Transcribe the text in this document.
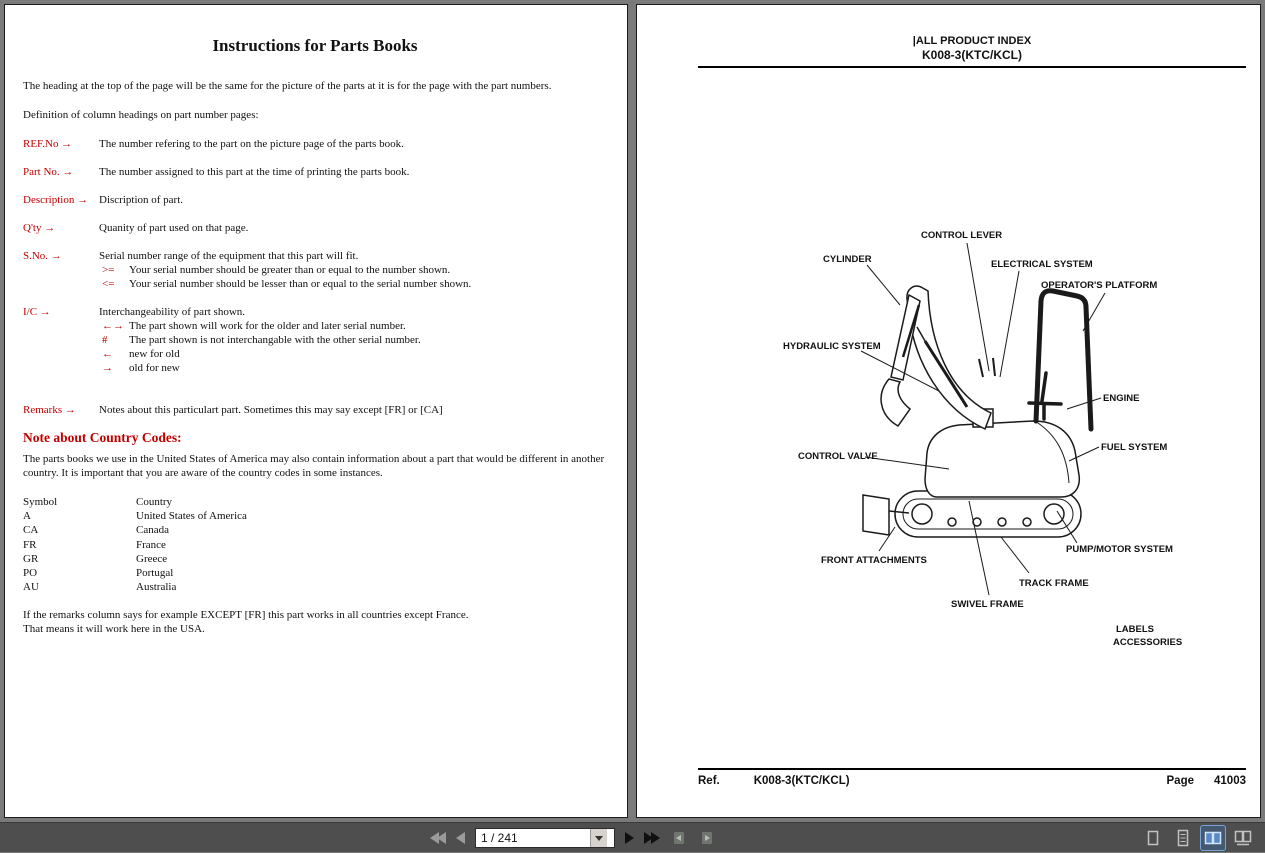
Instructions for Parts Books

The heading at the top of the page will be the same for the picture of the parts at it is for the page with the part numbers.

Definition of column headings on part number pages:

REF.No →	The number refering to the part on the picture page of the parts book.
Part No. →	The number assigned to this part at the time of printing the parts book.
Description → Discription of part.
Q'ty →	Quanity of part used on that page.
S.No. →	Serial number range of the equipment that this part will fit.
>=	Your serial number should be greater than or equal to the number shown.
<=	Your serial number should be lesser than or equal to the serial number shown.
I/C →	Interchangeability of part shown.
←→ The part shown will work for the older and later serial number.
#	The part shown is not interchangable with the other serial number.
←	new for old
→	old for new
Remarks →	Notes about this particulart part. Sometimes this may say except [FR] or [CA]
Note about Country Codes:

The parts books we use in the United States of America may also contain information about a part that would be different in another country. It is important that you are aware of the country codes in some instances.

Symbol	Country
A	United States of America
CA	Canada
FR	France
GR	Greece
PO	Portugal
AU	Australia
If the remarks column says for example EXCEPT [FR] this part works in all countries except France.
That means it will work here in the USA.
|ALL PRODUCT INDEX
K008-3(KTC/KCL)
CONTROL LEVER
CYLINDER	ELECTRICAL SYSTEM
OPERATOR'S PLATFORM
HYDRAULIC SYSTEM
ENGINE
FUEL SYSTEM
CONTROL VALVE
PUMP/MOTOR SYSTEM
FRONT ATTACHMENTS
TRACK FRAME
SWIVEL FRAME
LABELS
ACCESSORIES
Ref.	K008-3(KTC/KCL)	Page 41003
1 / 241
